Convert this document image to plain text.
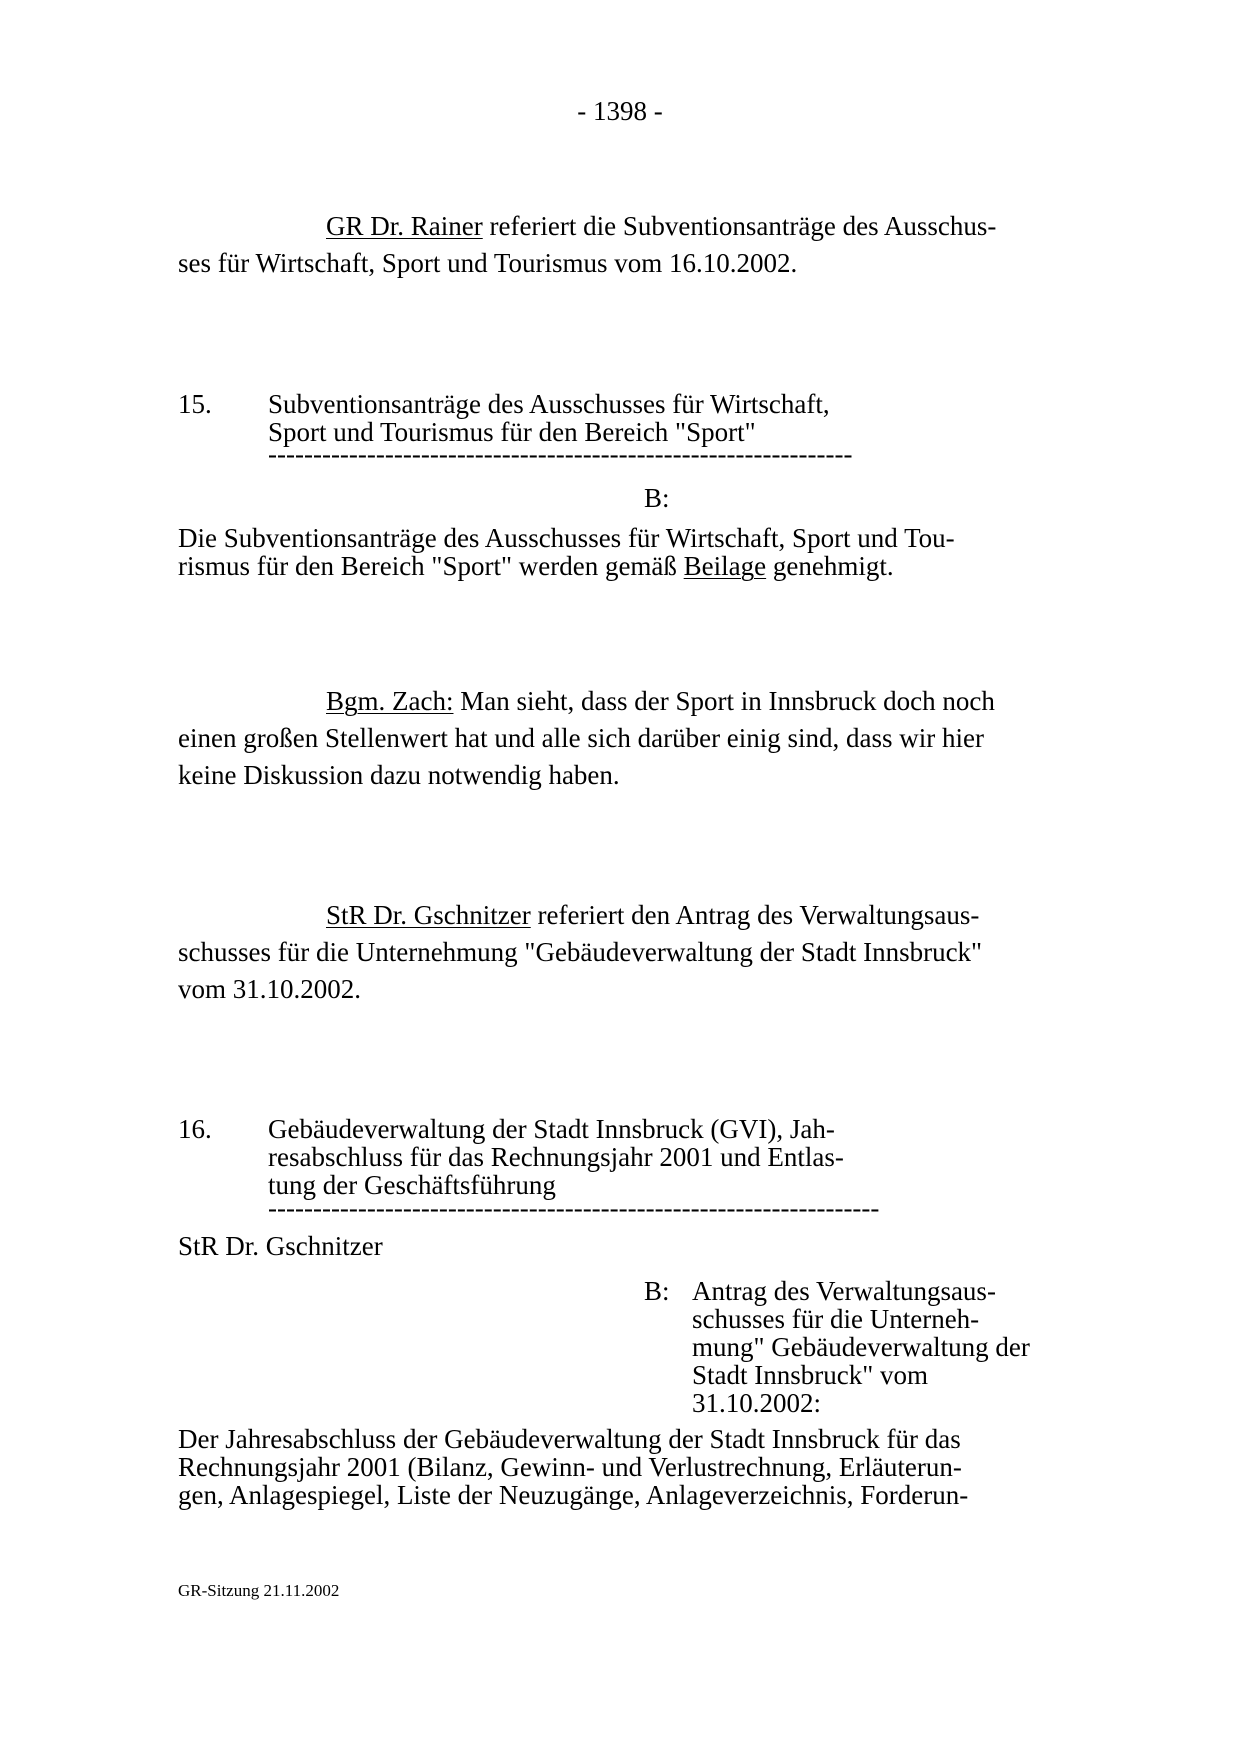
- 1398 -
GR Dr. Rainer referiert die Subventionsanträge des Ausschus-
ses für Wirtschaft, Sport und Tourismus vom 16.10.2002.
15. Subventionsanträge des Ausschusses für Wirtschaft,
Sport und Tourismus für den Bereich "Sport"
-----------------------------------------------------------------
B:
Die Subventionsanträge des Ausschusses für Wirtschaft, Sport und Tou-
rismus für den Bereich "Sport" werden gemäß Beilage genehmigt.
Bgm. Zach: Man sieht, dass der Sport in Innsbruck doch noch
einen großen Stellenwert hat und alle sich darüber einig sind, dass wir hier
keine Diskussion dazu notwendig haben.
StR Dr. Gschnitzer referiert den Antrag des Verwaltungsaus-
schusses für die Unternehmung "Gebäudeverwaltung der Stadt Innsbruck"
vom 31.10.2002.
16. Gebäudeverwaltung der Stadt Innsbruck (GVI), Jah-
resabschluss für das Rechnungsjahr 2001 und Entlas-
tung der Geschäftsführung
--------------------------------------------------------------------
StR Dr. Gschnitzer
B: Antrag des Verwaltungsaus-
schusses für die Unterneh-
mung" Gebäudeverwaltung der
Stadt Innsbruck" vom
31.10.2002:
Der Jahresabschluss der Gebäudeverwaltung der Stadt Innsbruck für das
Rechnungsjahr 2001 (Bilanz, Gewinn- und Verlustrechnung, Erläuterun-
gen, Anlagespiegel, Liste der Neuzugänge, Anlageverzeichnis, Forderun-
GR-Sitzung 21.11.2002
